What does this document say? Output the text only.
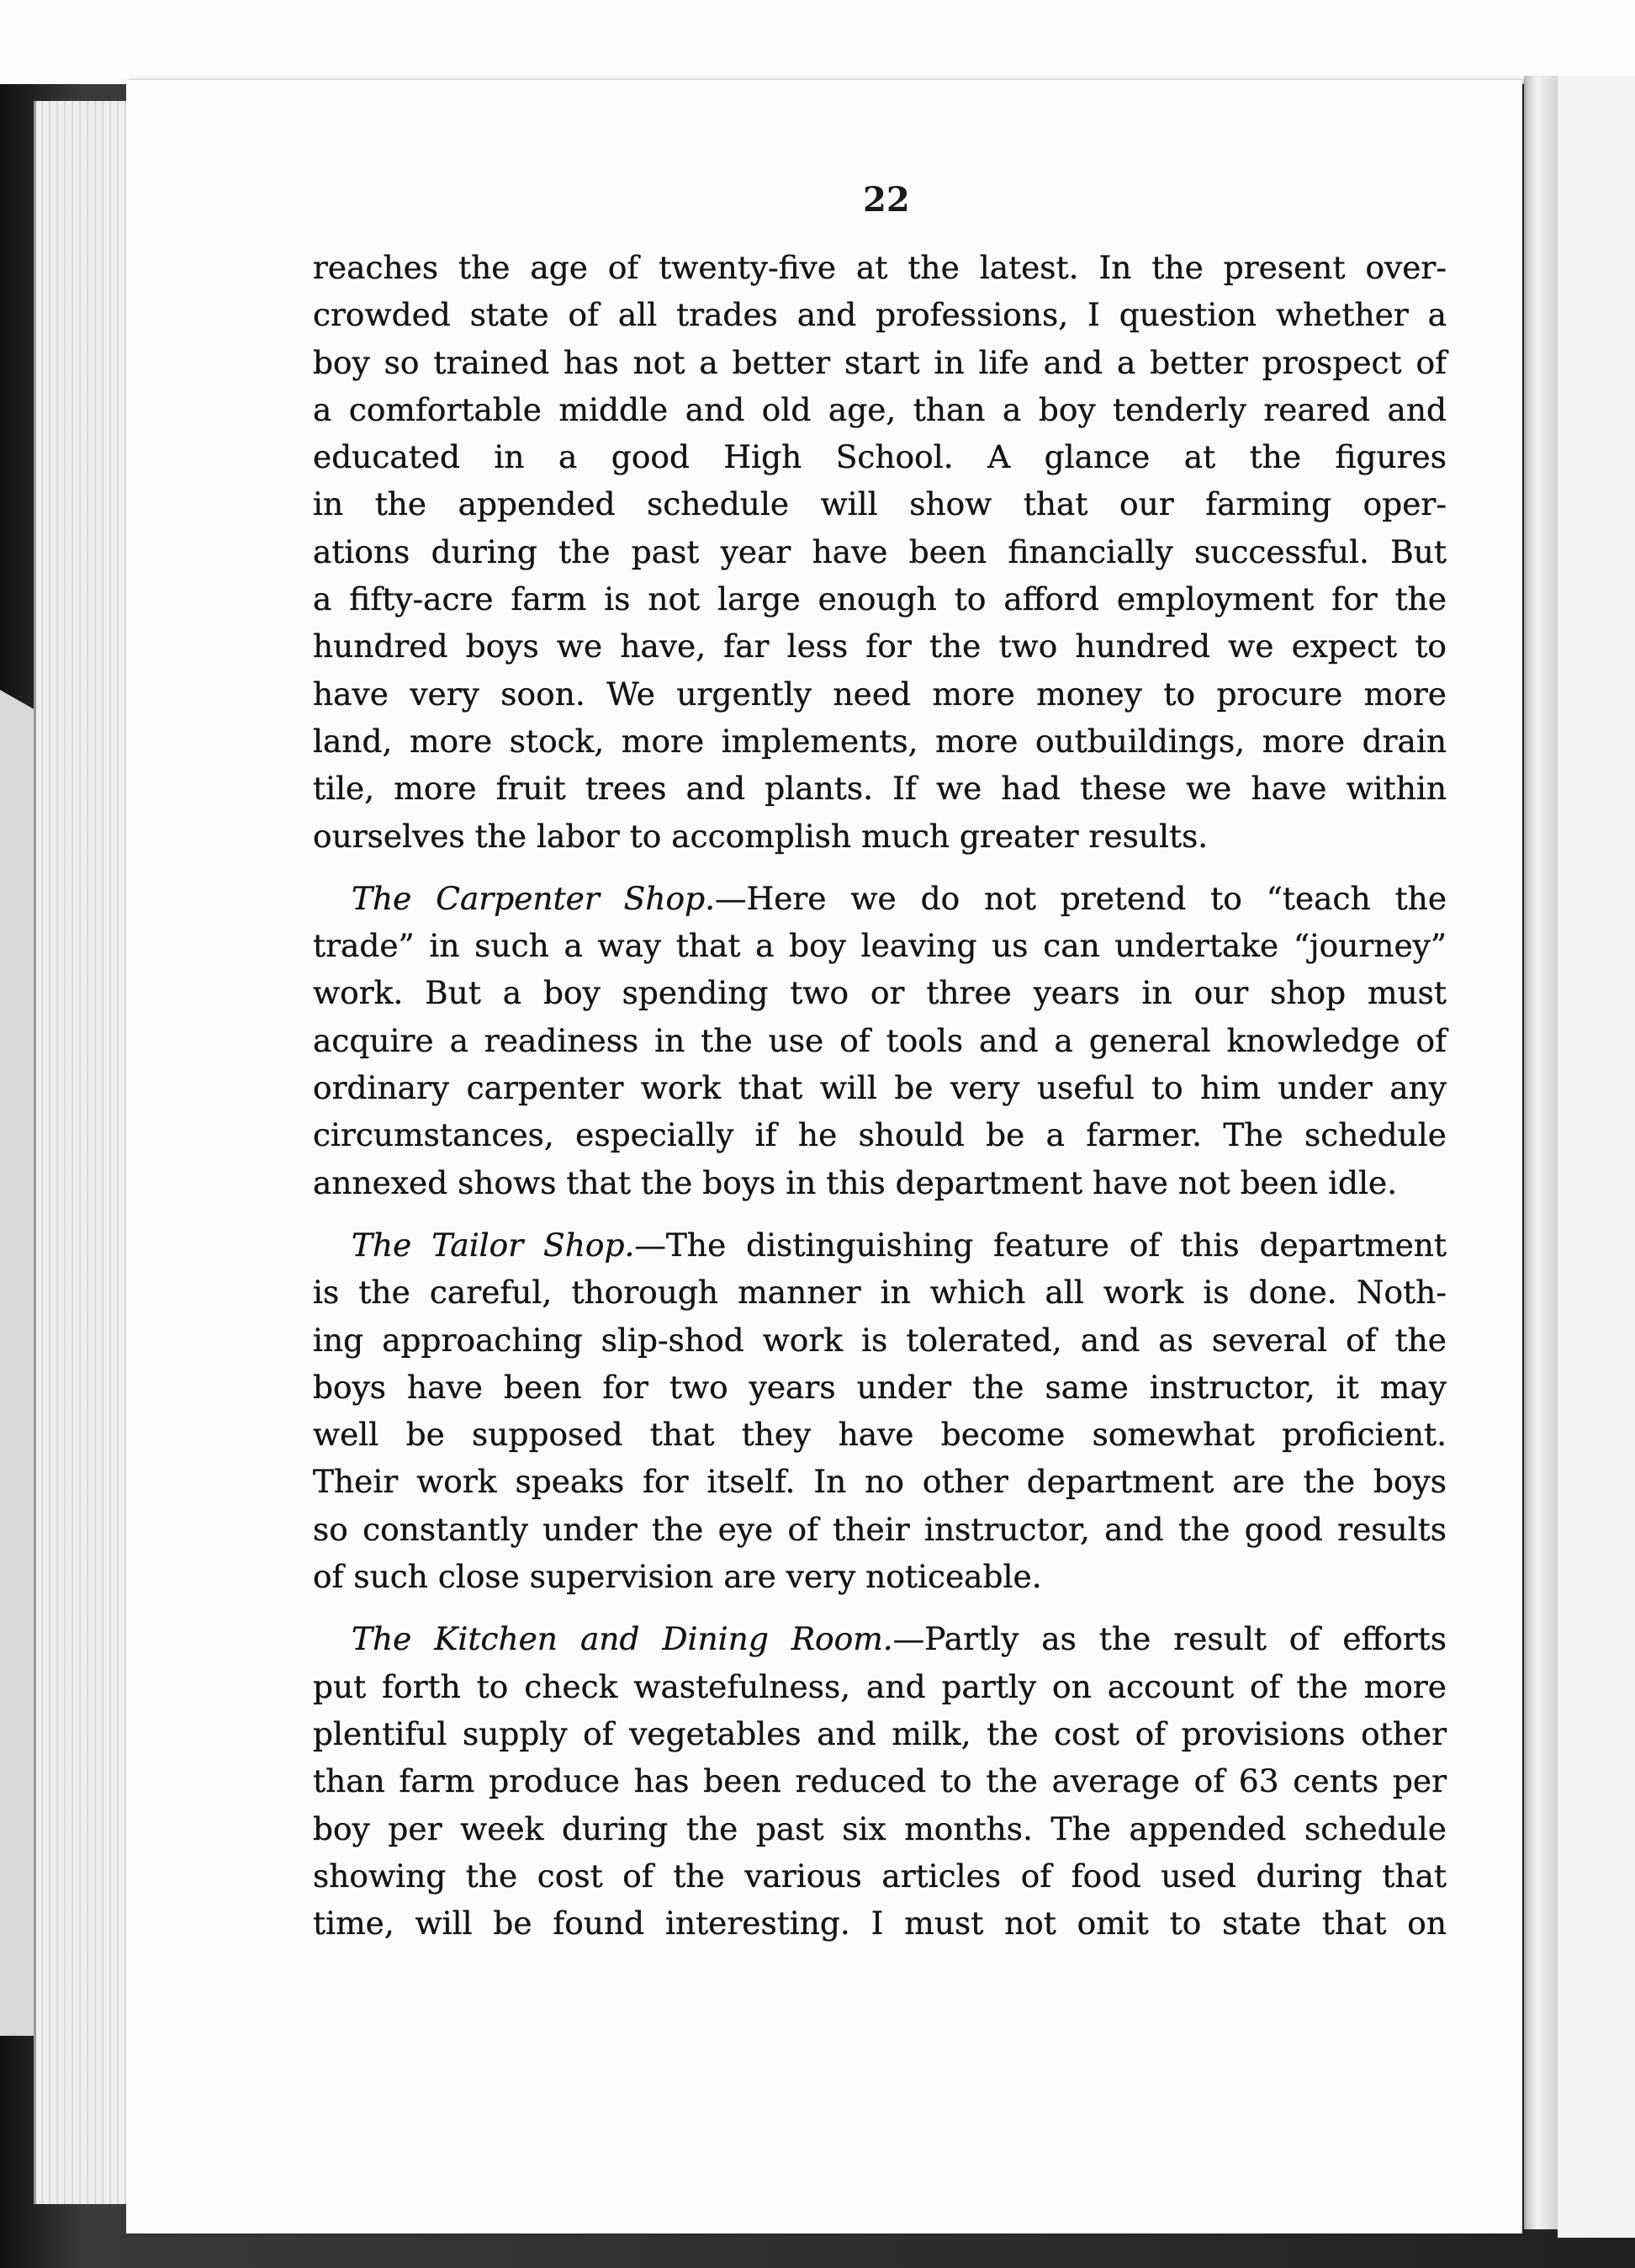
22

reaches the age of twenty-five at the latest. In the present over-
crowded state of all trades and professions, I question whether a
boy so trained has not a better start in life and a better prospect of
a comfortable middle and old age, than a boy tenderly reared and
educated in a good High School. A glance at the figures
in the appended schedule will show that our farming oper-
ations during the past year have been financially successful. But
a fifty-acre farm is not large enough to afford employment for the
hundred boys we have, far less for the two hundred we expect to
have very soon. We urgently need more money to procure more
land, more stock, more implements, more outbuildings, more drain
tile, more fruit trees and plants. If we had these we have within
ourselves the labor to accomplish much greater results.

The Carpenter Shop.—Here we do not pretend to “teach the
trade” in such a way that a boy leaving us can undertake “journey”
work. But a boy spending two or three years in our shop must
acquire a readiness in the use of tools and a general knowledge of
ordinary carpenter work that will be very useful to him under any
circumstances, especially if he should be a farmer. The schedule
annexed shows that the boys in this department have not been idle.

The Tailor Shop.—The distinguishing feature of this department
is the careful, thorough manner in which all work is done. Noth-
ing approaching slip-shod work is tolerated, and as several of the
boys have been for two years under the same instructor, it may
well be supposed that they have become somewhat proficient.
Their work speaks for itself. In no other department are the boys
so constantly under the eye of their instructor, and the good results
of such close supervision are very noticeable.

The Kitchen and Dining Room.—Partly as the result of efforts
put forth to check wastefulness, and partly on account of the more
plentiful supply of vegetables and milk, the cost of provisions other
than farm produce has been reduced to the average of 63 cents per
boy per week during the past six months. The appended schedule
showing the cost of the various articles of food used during that
time, will be found interesting. I must not omit to state that on
